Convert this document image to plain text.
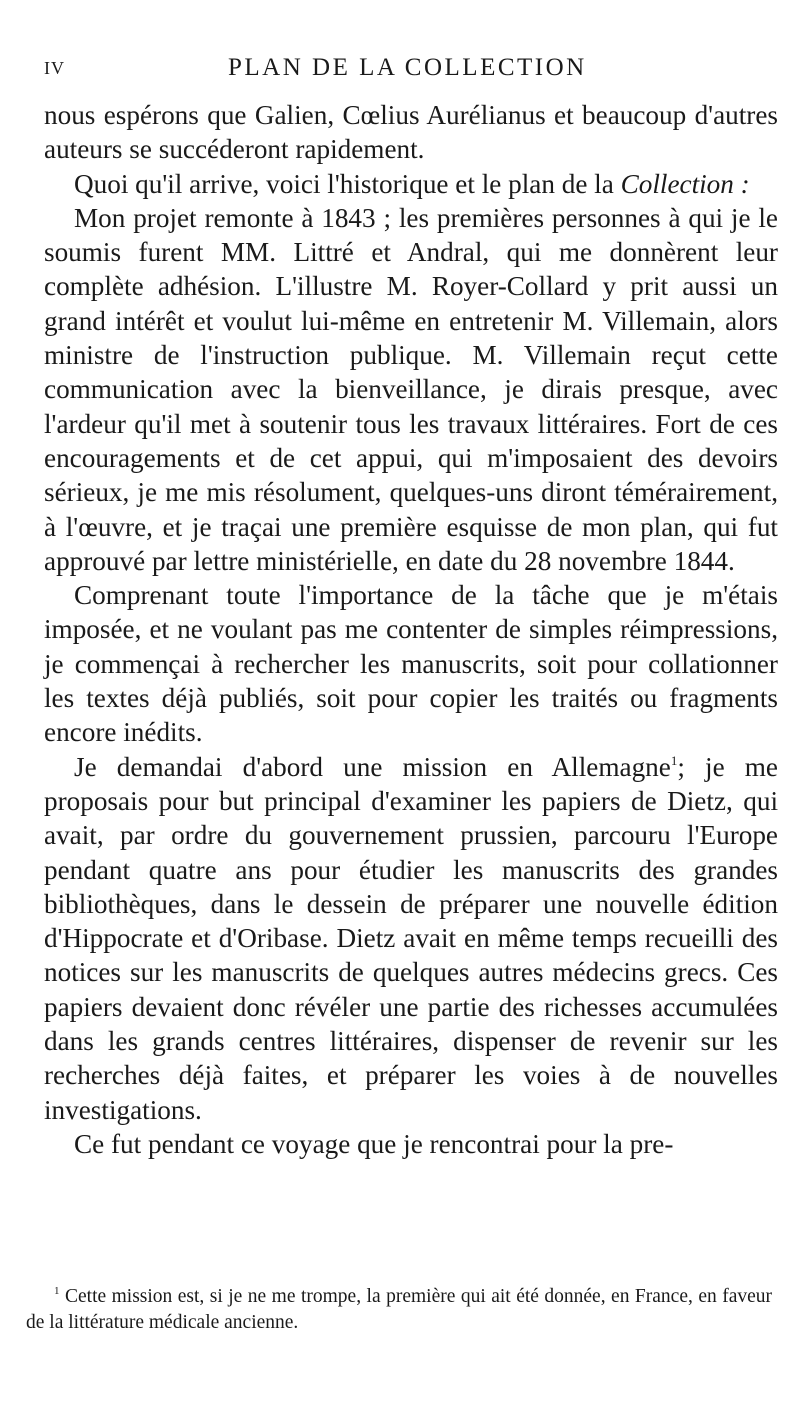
IV	PLAN DE LA COLLECTION

nous espérons que Galien, Cœlius Aurélianus et beaucoup d'autres auteurs se succéderont rapidement.

Quoi qu'il arrive, voici l'historique et le plan de la Collection :

Mon projet remonte à 1843 ; les premières personnes à qui je le soumis furent MM. Littré et Andral, qui me donnèrent leur complète adhésion. L'illustre M. Royer-Collard y prit aussi un grand intérêt et voulut lui-même en entretenir M. Villemain, alors ministre de l'instruction publique. M. Villemain reçut cette communication avec la bienveillance, je dirais presque, avec l'ardeur qu'il met à soutenir tous les travaux littéraires. Fort de ces encouragements et de cet appui, qui m'imposaient des devoirs sérieux, je me mis résolument, quelques-uns diront témérairement, à l'œuvre, et je traçai une première esquisse de mon plan, qui fut approuvé par lettre ministérielle, en date du 28 novembre 1844.

Comprenant toute l'importance de la tâche que je m'étais imposée, et ne voulant pas me contenter de simples réimpressions, je commençai à rechercher les manuscrits, soit pour collationner les textes déjà publiés, soit pour copier les traités ou fragments encore inédits.

Je demandai d'abord une mission en Allemagne$^1$; je me proposais pour but principal d'examiner les papiers de Dietz, qui avait, par ordre du gouvernement prussien, parcouru l'Europe pendant quatre ans pour étudier les manuscrits des grandes bibliothèques, dans le dessein de préparer une nouvelle édition d'Hippocrate et d'Oribase. Dietz avait en même temps recueilli des notices sur les manuscrits de quelques autres médecins grecs. Ces papiers devaient donc révéler une partie des richesses accumulées dans les grands centres littéraires, dispenser de revenir sur les recherches déjà faites, et préparer les voies à de nouvelles investigations.

Ce fut pendant ce voyage que je rencontrai pour la pre-

$^1$ Cette mission est, si je ne me trompe, la première qui ait été donnée, en France, en faveur de la littérature médicale ancienne.
